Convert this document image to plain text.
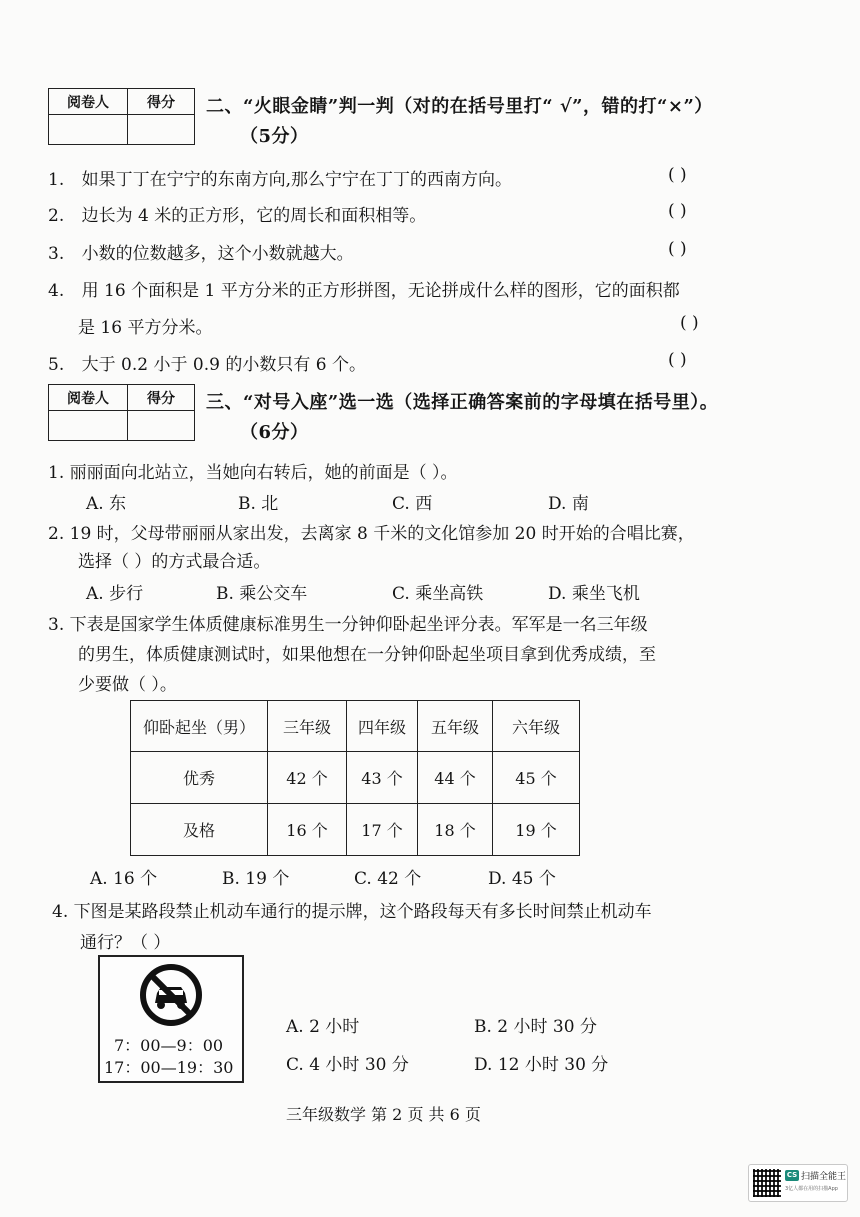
阅卷人	得分
	二、“火眼金睛”判一判（对的在括号里打“ √”，错的打“×”）
（5分）
1. 如果丁丁在宁宁的东南方向,那么宁宁在丁丁的西南方向。	( )
2. 边长为 4 米的正方形，它的周长和面积相等。	( )
3. 小数的位数越多，这个小数就越大。	( )
4. 用 16 个面积是 1 平方分米的正方形拼图，无论拼成什么样的图形，它的面积都
是 16 平方分米。	( )
5. 大于 0.2 小于 0.9 的小数只有 6 个。	( )
阅卷人	得分
	三、“对号入座”选一选（选择正确答案前的字母填在括号里）。
（6分）
1. 丽丽面向北站立，当她向右转后，她的前面是（ ）。
A. 东	B. 北	C. 西	D. 南
2. 19 时，父母带丽丽从家出发，去离家 8 千米的文化馆参加 20 时开始的合唱比赛，
选择（ ）的方式最合适。
A. 步行	B. 乘公交车	C. 乘坐高铁	D. 乘坐飞机
3. 下表是国家学生体质健康标准男生一分钟仰卧起坐评分表。军军是一名三年级
的男生，体质健康测试时，如果他想在一分钟仰卧起坐项目拿到优秀成绩，至
少要做（ ）。
仰卧起坐（男）	三年级	四年级	五年级	六年级
优秀	42 个	43 个	44 个	45 个
及格	16 个	17 个	18 个	19 个
A. 16 个	B. 19 个	C. 42 个	D. 45 个
4. 下图是某路段禁止机动车通行的提示牌，这个路段每天有多长时间禁止机动车
通行？（ ）
7：00—9：00
17：00—19：30
A. 2 小时	B. 2 小时 30 分
C. 4 小时 30 分	D. 12 小时 30 分
三年级数学 第 2 页 共 6 页
CS 扫描全能王
3亿人都在用的扫描App
